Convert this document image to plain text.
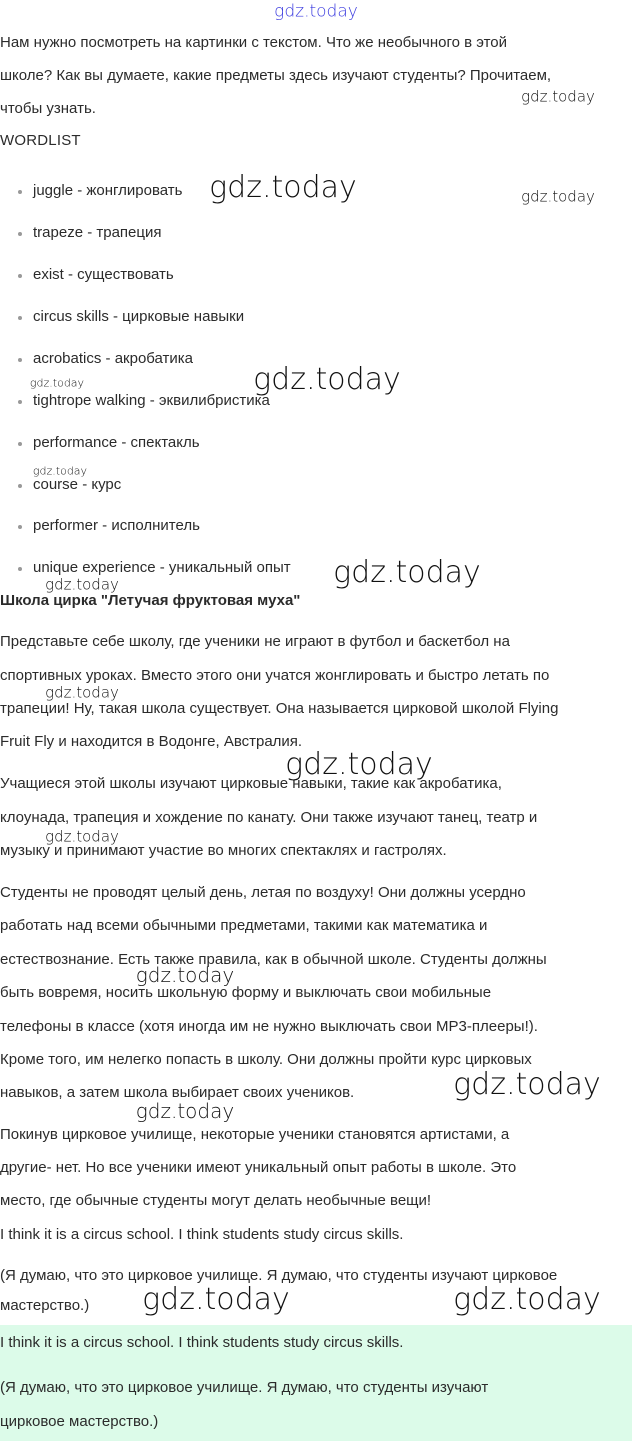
Нам нужно посмотреть на картинки с текстом. Что же необычного в этой
школе? Как вы думаете, какие предметы здесь изучают студенты? Прочитаем,
чтобы узнать.
WORDLIST
juggle - жонглировать
trapeze - трапеция
exist - существовать
circus skills - цирковые навыки
acrobatics - акробатика
tightrope walking - эквилибристика
performance - спектакль
course - курс
performer - исполнитель
unique experience - уникальный опыт
Школа цирка "Летучая фруктовая муха"
Представьте себе школу, где ученики не играют в футбол и баскетбол на
спортивных уроках. Вместо этого они учатся жонглировать и быстро летать по
трапеции! Ну, такая школа существует. Она называется цирковой школой Flying
Fruit Fly и находится в Водонге, Австралия.
Учащиеся этой школы изучают цирковые навыки, такие как акробатика,
клоунада, трапеция и хождение по канату. Они также изучают танец, театр и
музыку и принимают участие во многих спектаклях и гастролях.
Студенты не проводят целый день, летая по воздуху! Они должны усердно
работать над всеми обычными предметами, такими как математика и
естествознание. Есть также правила, как в обычной школе. Студенты должны
быть вовремя, носить школьную форму и выключать свои мобильные
телефоны в классе (хотя иногда им не нужно выключать свои MP3-плееры!).
Кроме того, им нелегко попасть в школу. Они должны пройти курс цирковых
навыков, а затем школа выбирает своих учеников.
Покинув цирковое училище, некоторые ученики становятся артистами, а
другие- нет. Но все ученики имеют уникальный опыт работы в школе. Это
место, где обычные студенты могут делать необычные вещи!
I think it is a circus school. I think students study circus skills.
(Я думаю, что это цирковое училище. Я думаю, что студенты изучают цирковое
мастерство.)
I think it is a circus school. I think students study circus skills.
(Я думаю, что это цирковое училище. Я думаю, что студенты изучают
цирковое мастерство.)
gdz.today
gdz.today
gdz.today
gdz.today
gdz.today
gdz.today
gdz.today
gdz.today
gdz.today
gdz.today
gdz.today
gdz.today
gdz.today
gdz.today
gdz.today
gdz.today	gdz.today
